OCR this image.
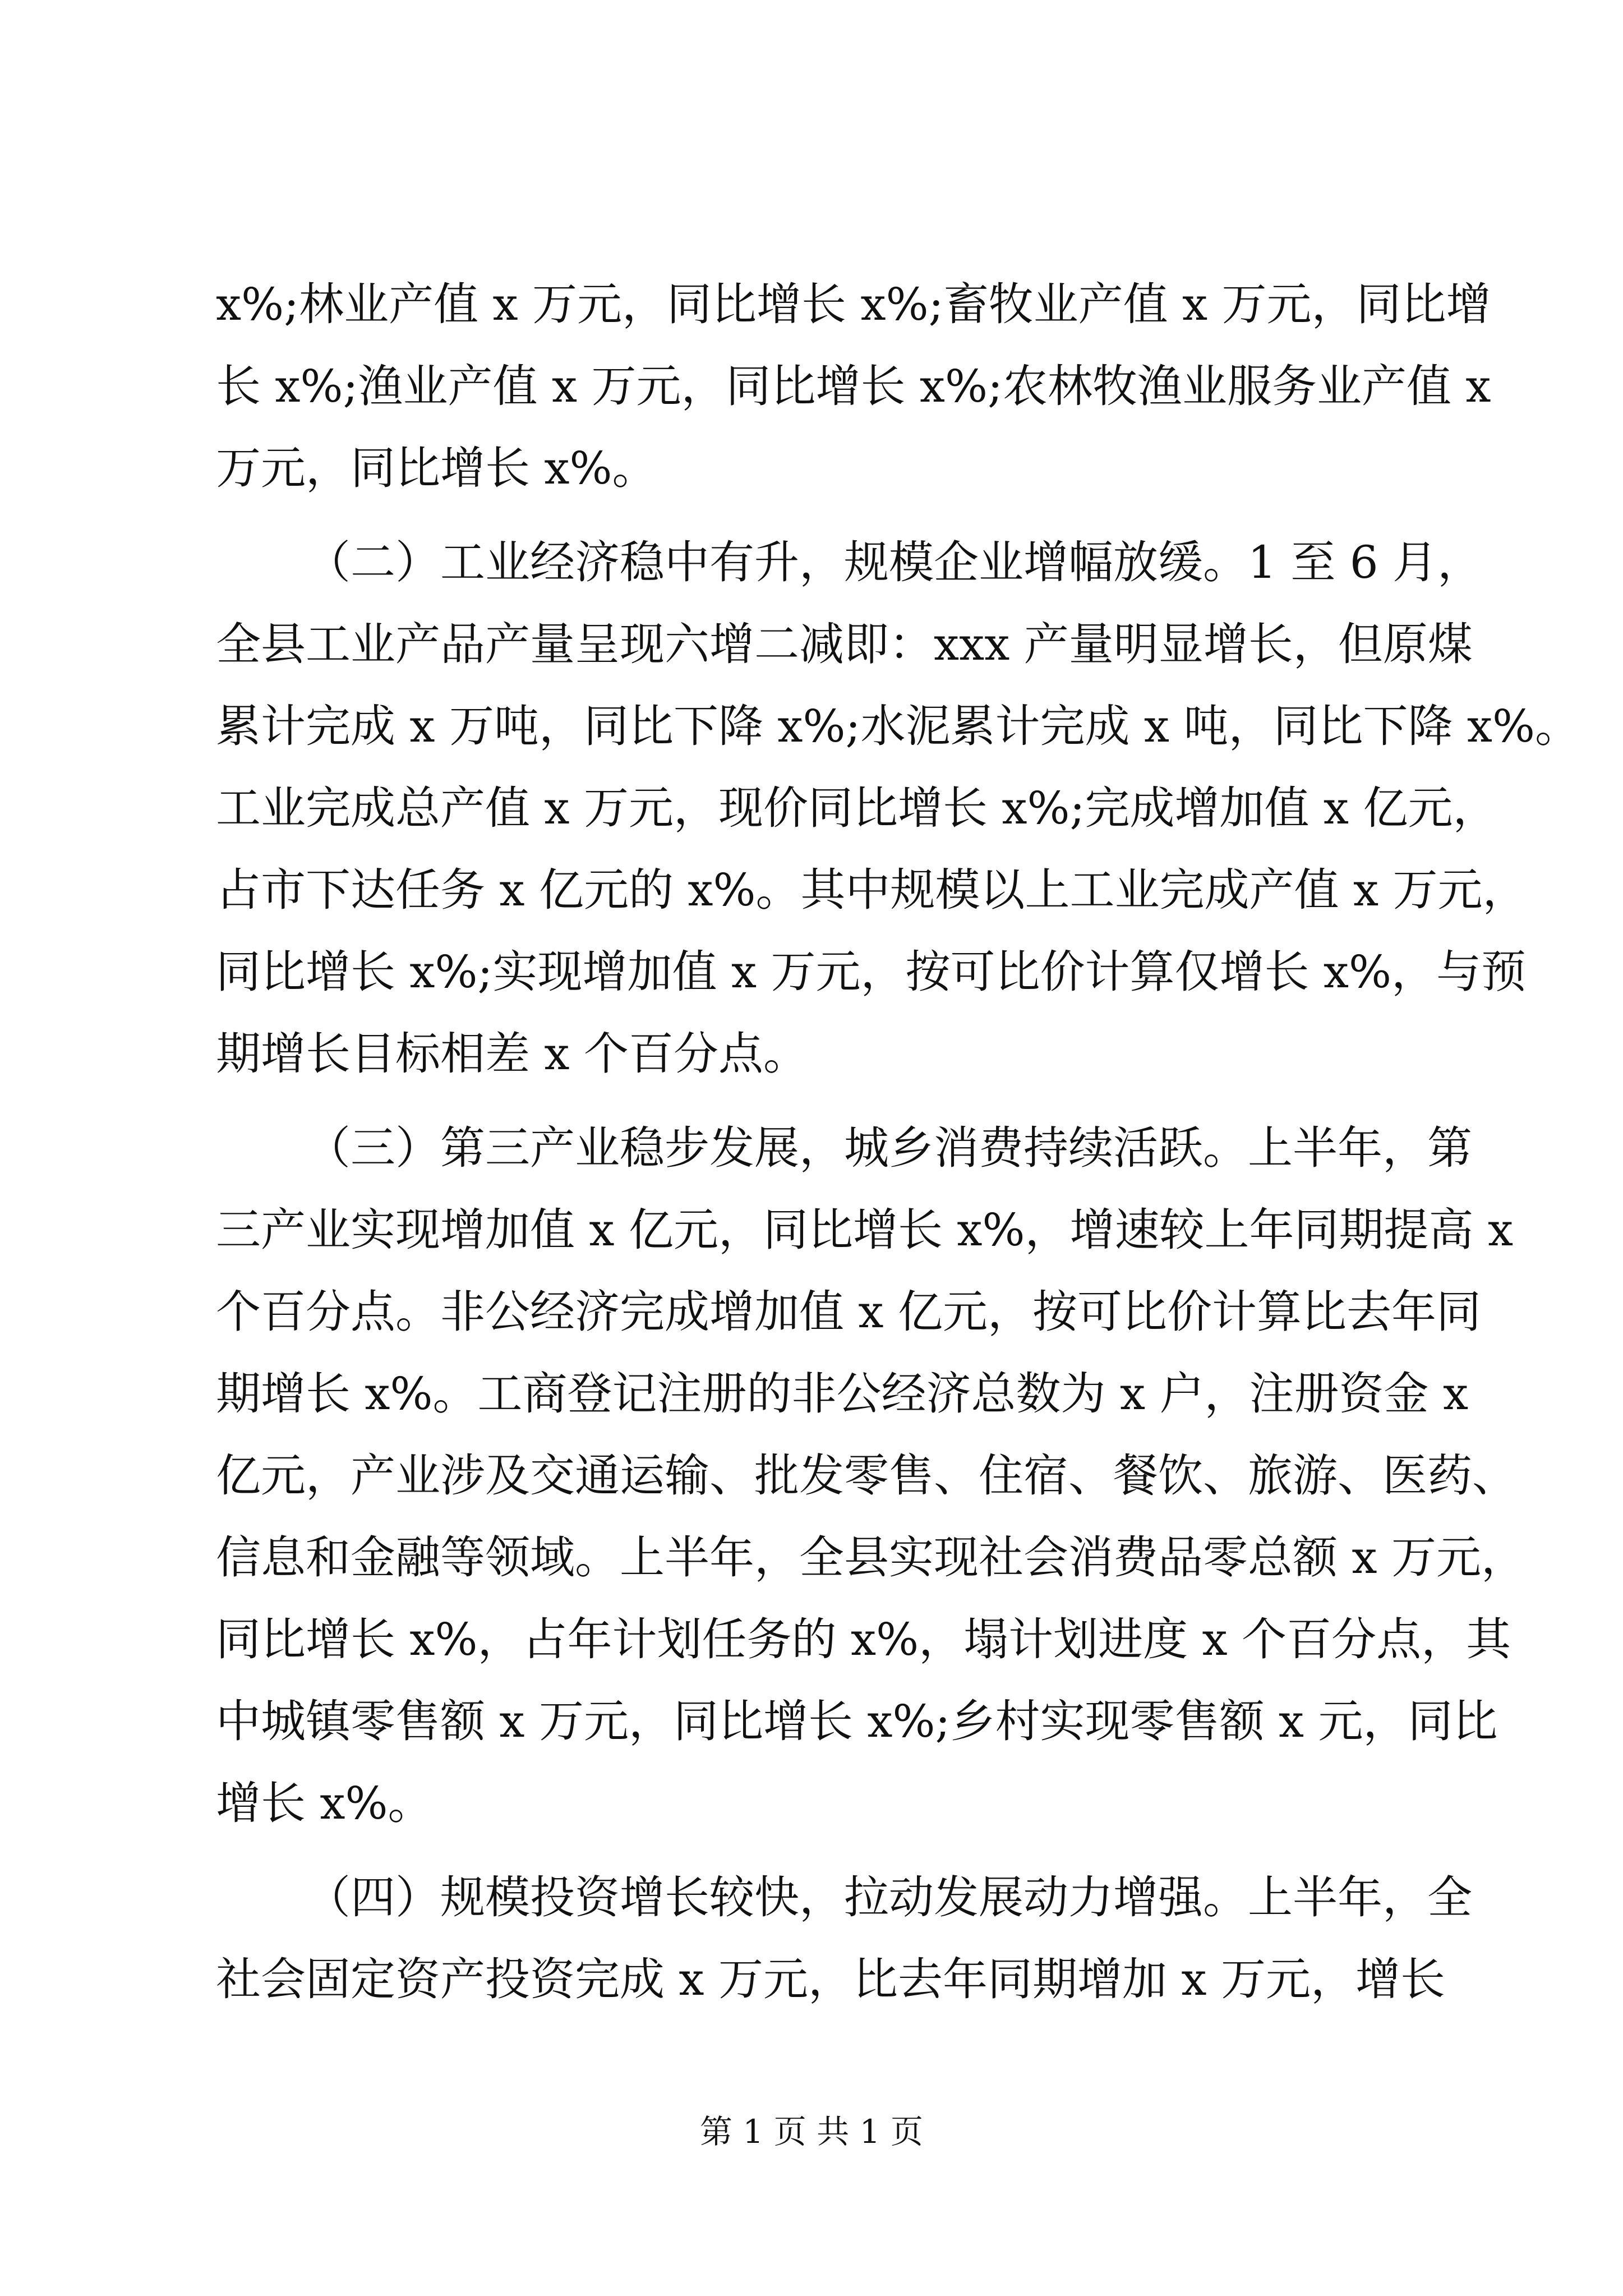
x%;林业产值 x 万元，同比增长 x%;畜牧业产值 x 万元，同比增
长 x%;渔业产值 x 万元，同比增长 x%;农林牧渔业服务业产值 x
万元，同比增长 x%。
（二）工业经济稳中有升，规模企业增幅放缓。1 至 6 月，
全县工业产品产量呈现六增二减即：xxx 产量明显增长，但原煤
累计完成 x 万吨，同比下降 x%;水泥累计完成 x 吨，同比下降 x%。
工业完成总产值 x 万元，现价同比增长 x%;完成增加值 x 亿元，
占市下达任务 x 亿元的 x%。其中规模以上工业完成产值 x 万元，
同比增长 x%;实现增加值 x 万元，按可比价计算仅增长 x%，与预
期增长目标相差 x 个百分点。
（三）第三产业稳步发展，城乡消费持续活跃。上半年，第
三产业实现增加值 x 亿元，同比增长 x%，增速较上年同期提高 x
个百分点。非公经济完成增加值 x 亿元，按可比价计算比去年同
期增长 x%。工商登记注册的非公经济总数为 x 户，注册资金 x
亿元，产业涉及交通运输、批发零售、住宿、餐饮、旅游、医药、
信息和金融等领域。上半年，全县实现社会消费品零总额 x 万元，
同比增长 x%，占年计划任务的 x%，塌计划进度 x 个百分点，其
中城镇零售额 x 万元，同比增长 x%;乡村实现零售额 x 元，同比
增长 x%。
（四）规模投资增长较快，拉动发展动力增强。上半年，全
社会固定资产投资完成 x 万元，比去年同期增加 x 万元，增长
第 1 页 共 1 页
